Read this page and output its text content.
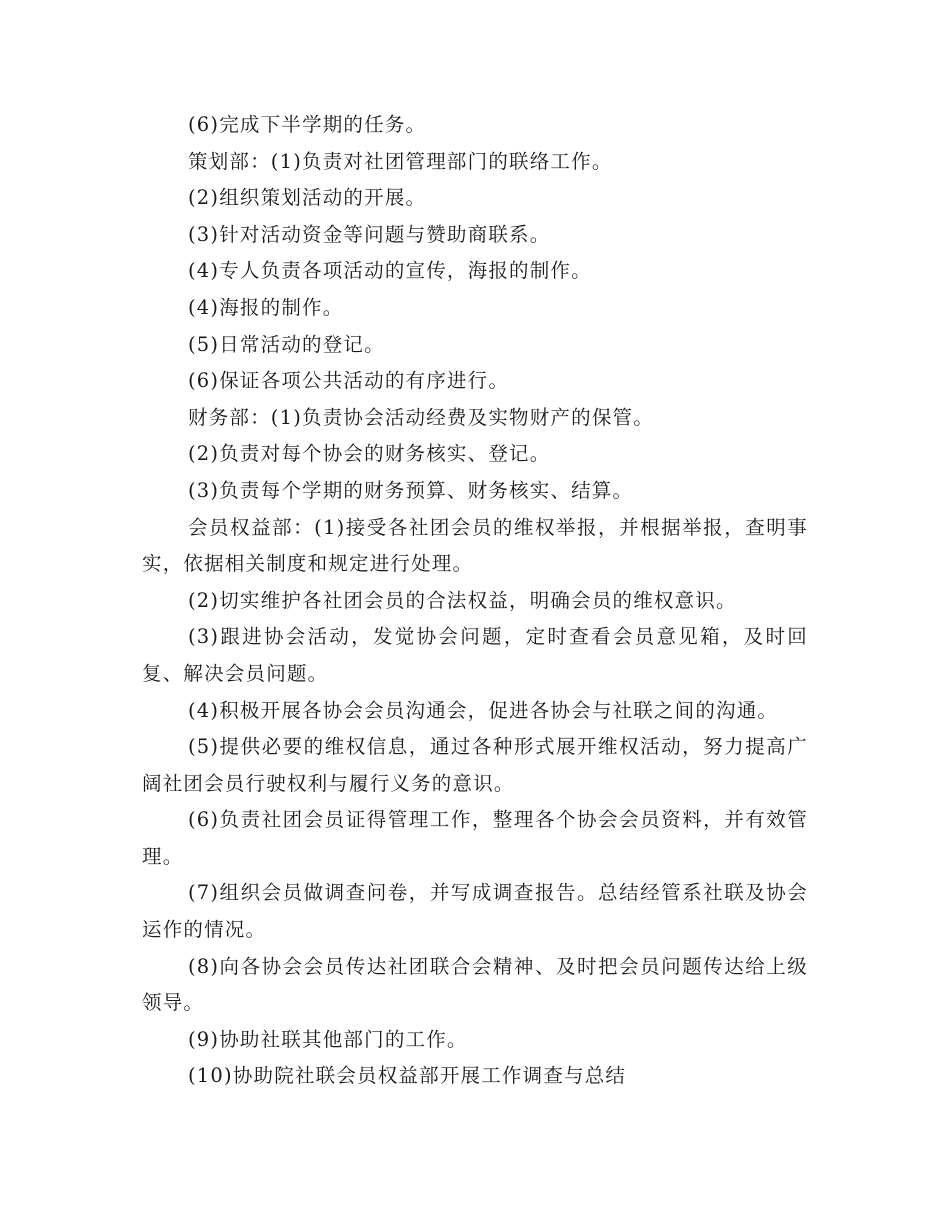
(6)完成下半学期的任务。

策划部：(1)负责对社团管理部门的联络工作。

(2)组织策划活动的开展。

(3)针对活动资金等问题与赞助商联系。

(4)专人负责各项活动的宣传，海报的制作。

(4)海报的制作。

(5)日常活动的登记。

(6)保证各项公共活动的有序进行。

财务部：(1)负责协会活动经费及实物财产的保管。

(2)负责对每个协会的财务核实、登记。

(3)负责每个学期的财务预算、财务核实、结算。

会员权益部：(1)接受各社团会员的维权举报，并根据举报，查明事实，依据相关制度和规定进行处理。

(2)切实维护各社团会员的合法权益，明确会员的维权意识。

(3)跟进协会活动，发觉协会问题，定时查看会员意见箱，及时回复、解决会员问题。

(4)积极开展各协会会员沟通会，促进各协会与社联之间的沟通。

(5)提供必要的维权信息，通过各种形式展开维权活动，努力提高广阔社团会员行驶权利与履行义务的意识。

(6)负责社团会员证得管理工作，整理各个协会会员资料，并有效管理。

(7)组织会员做调查问卷，并写成调查报告。总结经管系社联及协会运作的情况。

(8)向各协会会员传达社团联合会精神、及时把会员问题传达给上级领导。

(9)协助社联其他部门的工作。

(10)协助院社联会员权益部开展工作调查与总结
